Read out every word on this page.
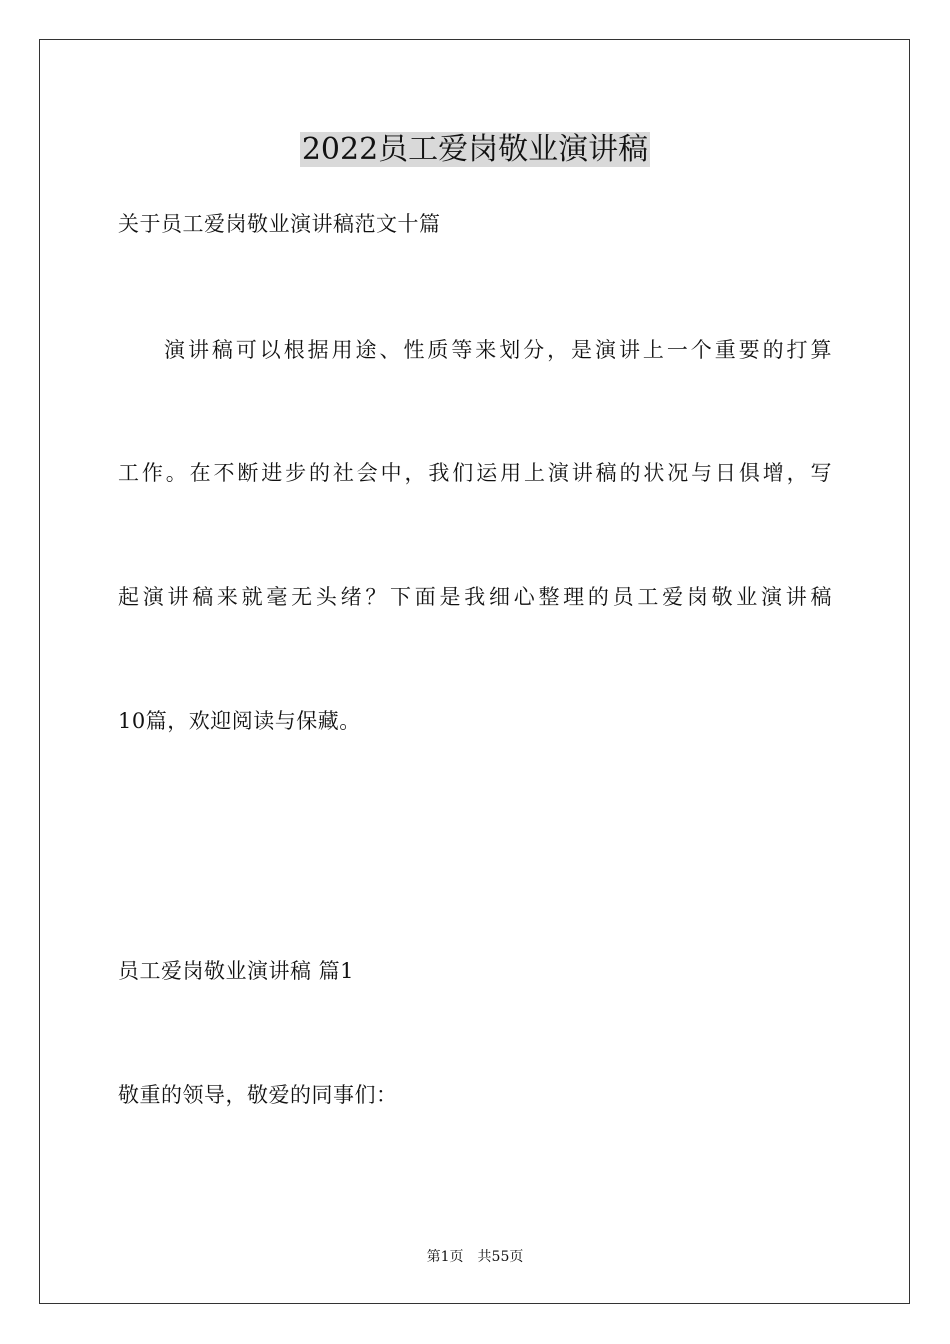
2022员工爱岗敬业演讲稿
关于员工爱岗敬业演讲稿范文十篇
演讲稿可以根据用途、性质等来划分，是演讲上一个重要的打算
工作。在不断进步的社会中，我们运用上演讲稿的状况与日俱增，写
起演讲稿来就毫无头绪？下面是我细心整理的员工爱岗敬业演讲稿
10篇，欢迎阅读与保藏。
员工爱岗敬业演讲稿 篇1
敬重的领导，敬爱的同事们：
第1页　共55页
